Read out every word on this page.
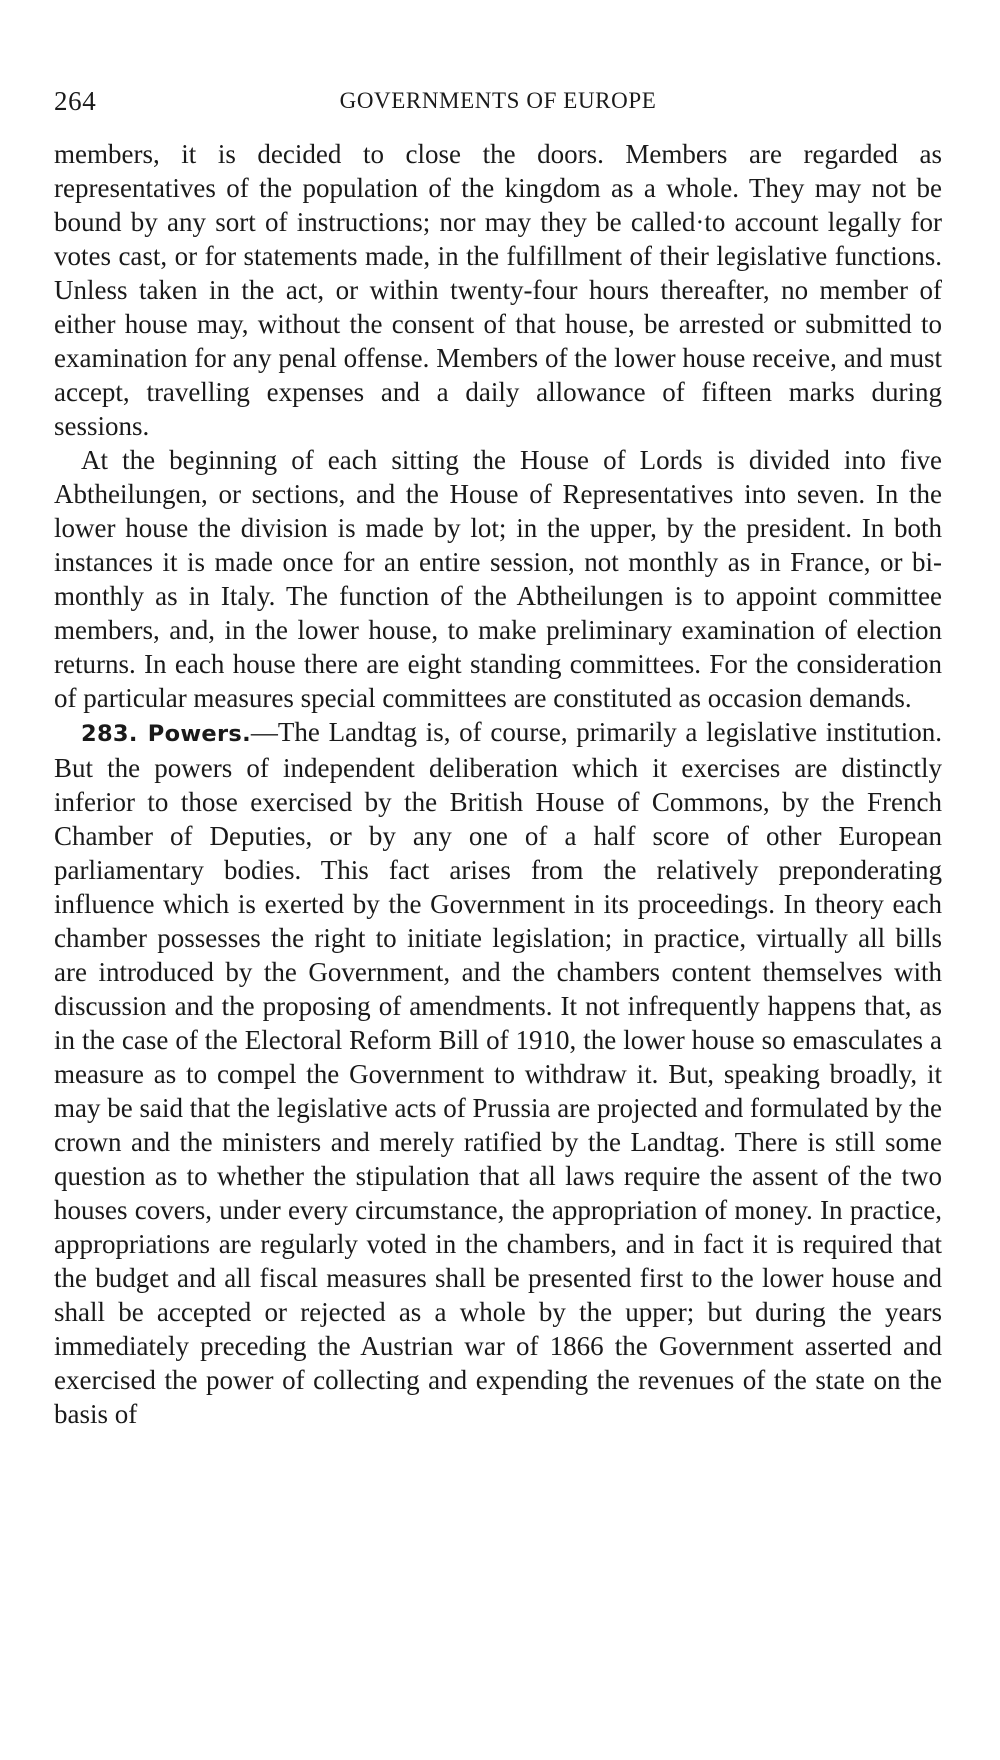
264	GOVERNMENTS OF EUROPE

members, it is decided to close the doors. Members are regarded as representatives of the population of the kingdom as a whole. They may not be bound by any sort of instructions; nor may they be called·to account legally for votes cast, or for statements made, in the fulfillment of their legislative functions. Unless taken in the act, or within twenty-four hours thereafter, no member of either house may, without the consent of that house, be arrested or submitted to examination for any penal offense. Members of the lower house receive, and must accept, travelling expenses and a daily allowance of fifteen marks during sessions.

At the beginning of each sitting the House of Lords is divided into five Abtheilungen, or sections, and the House of Representatives into seven. In the lower house the division is made by lot; in the upper, by the president. In both instances it is made once for an entire session, not monthly as in France, or bi-monthly as in Italy. The function of the Abtheilungen is to appoint committee members, and, in the lower house, to make preliminary examination of election returns. In each house there are eight standing committees. For the consideration of particular measures special committees are constituted as occasion demands.

283. Powers.—The Landtag is, of course, primarily a legislative institution. But the powers of independent deliberation which it exercises are distinctly inferior to those exercised by the British House of Commons, by the French Chamber of Deputies, or by any one of a half score of other European parliamentary bodies. This fact arises from the relatively preponderating influence which is exerted by the Government in its proceedings. In theory each chamber possesses the right to initiate legislation; in practice, virtually all bills are introduced by the Government, and the chambers content themselves with discussion and the proposing of amendments. It not infrequently happens that, as in the case of the Electoral Reform Bill of 1910, the lower house so emasculates a measure as to compel the Government to withdraw it. But, speaking broadly, it may be said that the legislative acts of Prussia are projected and formulated by the crown and the ministers and merely ratified by the Landtag. There is still some question as to whether the stipulation that all laws require the assent of the two houses covers, under every circumstance, the appropriation of money. In practice, appropriations are regularly voted in the chambers, and in fact it is required that the budget and all fiscal measures shall be presented first to the lower house and shall be accepted or rejected as a whole by the upper; but during the years immediately preceding the Austrian war of 1866 the Government asserted and exercised the power of collecting and expending the revenues of the state on the basis of
